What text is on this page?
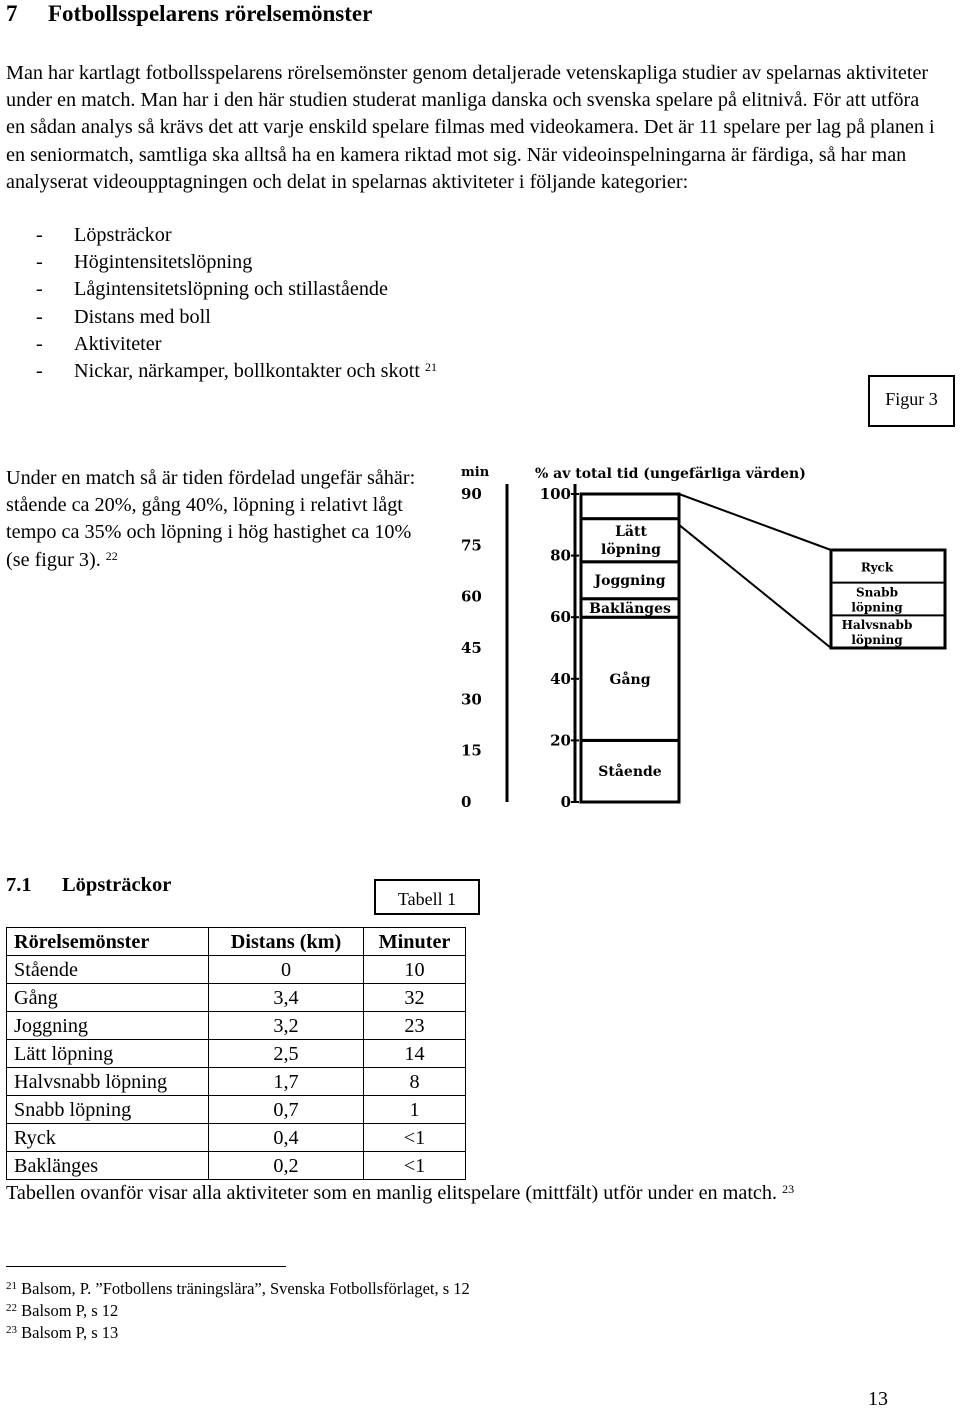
7 Fotbollsspelarens rörelsemönster

Man har kartlagt fotbollsspelarens rörelsemönster genom detaljerade vetenskapliga studier av spelarnas aktiviteter under en match. Man har i den här studien studerat manliga danska och svenska spelare på elitnivå. För att utföra en sådan analys så krävs det att varje enskild spelare filmas med videokamera. Det är 11 spelare per lag på planen i en seniormatch, samtliga ska alltså ha en kamera riktad mot sig. När videoinspelningarna är färdiga, så har man analyserat videoupptagningen och delat in spelarnas aktiviteter i följande kategorier:

- Löpsträckor
- Högintensitetslöpning
- Lågintensitetslöpning och stillastående
- Distans med boll
- Aktiviteter
- Nickar, närkamper, bollkontakter och skott $^{21}$
Figur 3

Under en match så är tiden fördelad ungefär såhär: stående ca 20%, gång 40%, löpning i relativt lågt tempo ca 35% och löpning i hög hastighet ca 10% (se figur 3). $^{22}$

min	% av total tid (ungefärliga värden)
90
75
60
45
30
15
0
100
80
60
40
20
0
Stående
Gång
Baklänges
Joggning
Lätt
löpning
Ryck
Snabb
löpning
Halvsnabb
löpning
7.1 Löpsträckor
Tabell 1
Rörelsemönster	Distans (km)	Minuter
Stående	0	10
Gång	3,4	32
Joggning	3,2	23
Lätt löpning	2,5	14
Halvsnabb löpning	1,7	8
Snabb löpning	0,7	1
Ryck	0,4	<1
Baklänges	0,2	<1

Tabellen ovanför visar alla aktiviteter som en manlig elitspelare (mittfält) utför under en match. $^{23}$

$^{21}$ Balsom, P. ”Fotbollens träningslära”, Svenska Fotbollsförlaget, s 12
$^{22}$ Balsom P, s 12
$^{23}$ Balsom P, s 13
13
